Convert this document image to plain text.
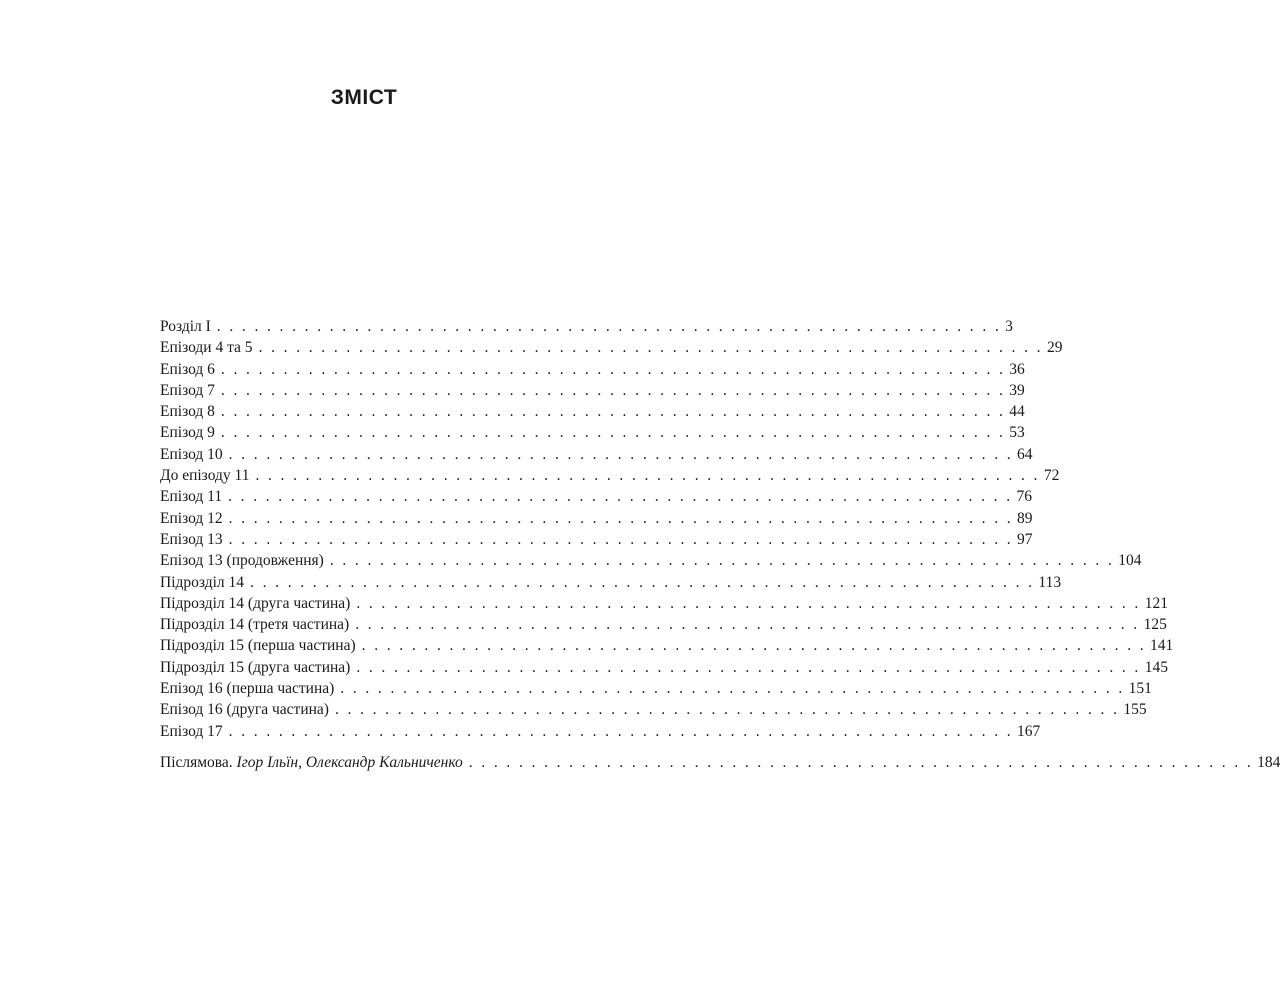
ЗМІСТ
Розділ I . . . . . . . . . . . . . . . . . . . . . . . . . . . . . . . . . . . . . . . . . . . . . . . . . . . . . . . . . . . . . . . 3
Епізоди 4 та 5 . . . . . . . . . . . . . . . . . . . . . . . . . . . . . . . . . . . . . . . . . . . . . . . . . . . . . . . . . . . . . . . 29
Епізод 6 . . . . . . . . . . . . . . . . . . . . . . . . . . . . . . . . . . . . . . . . . . . . . . . . . . . . . . . . . . . . . . . 36
Епізод 7 . . . . . . . . . . . . . . . . . . . . . . . . . . . . . . . . . . . . . . . . . . . . . . . . . . . . . . . . . . . . . . . 39
Епізод 8 . . . . . . . . . . . . . . . . . . . . . . . . . . . . . . . . . . . . . . . . . . . . . . . . . . . . . . . . . . . . . . . 44
Епізод 9 . . . . . . . . . . . . . . . . . . . . . . . . . . . . . . . . . . . . . . . . . . . . . . . . . . . . . . . . . . . . . . . 53
Епізод 10 . . . . . . . . . . . . . . . . . . . . . . . . . . . . . . . . . . . . . . . . . . . . . . . . . . . . . . . . . . . . . . . 64
До епізоду 11 . . . . . . . . . . . . . . . . . . . . . . . . . . . . . . . . . . . . . . . . . . . . . . . . . . . . . . . . . . . . . . . 72
Епізод 11 . . . . . . . . . . . . . . . . . . . . . . . . . . . . . . . . . . . . . . . . . . . . . . . . . . . . . . . . . . . . . . . 76
Епізод 12 . . . . . . . . . . . . . . . . . . . . . . . . . . . . . . . . . . . . . . . . . . . . . . . . . . . . . . . . . . . . . . . 89
Епізод 13 . . . . . . . . . . . . . . . . . . . . . . . . . . . . . . . . . . . . . . . . . . . . . . . . . . . . . . . . . . . . . . . 97
Епізод 13 (продовження) . . . . . . . . . . . . . . . . . . . . . . . . . . . . . . . . . . . . . . . . . . . . . . . . . . . . . . . . . . . . . . . 104
Підрозділ 14 . . . . . . . . . . . . . . . . . . . . . . . . . . . . . . . . . . . . . . . . . . . . . . . . . . . . . . . . . . . . . . . 113
Підрозділ 14 (друга частина) . . . . . . . . . . . . . . . . . . . . . . . . . . . . . . . . . . . . . . . . . . . . . . . . . . . . . . . . . . . . . . . 121
Підрозділ 14 (третя частина) . . . . . . . . . . . . . . . . . . . . . . . . . . . . . . . . . . . . . . . . . . . . . . . . . . . . . . . . . . . . . . . 125
Підрозділ 15 (перша частина) . . . . . . . . . . . . . . . . . . . . . . . . . . . . . . . . . . . . . . . . . . . . . . . . . . . . . . . . . . . . . . . 141
Підрозділ 15 (друга частина) . . . . . . . . . . . . . . . . . . . . . . . . . . . . . . . . . . . . . . . . . . . . . . . . . . . . . . . . . . . . . . . 145
Епізод 16 (перша частина) . . . . . . . . . . . . . . . . . . . . . . . . . . . . . . . . . . . . . . . . . . . . . . . . . . . . . . . . . . . . . . . 151
Епізод 16 (друга частина) . . . . . . . . . . . . . . . . . . . . . . . . . . . . . . . . . . . . . . . . . . . . . . . . . . . . . . . . . . . . . . . 155
Епізод 17 . . . . . . . . . . . . . . . . . . . . . . . . . . . . . . . . . . . . . . . . . . . . . . . . . . . . . . . . . . . . . . . 167
Післямова. Ігор Ільїн, Олександр Кальниченко . . . . . . . . . . . . . . . . . . . . . . . . . . . . . . . . . . . . . . . . . . . . . . . . . . . . . . . . . . . . . . . 184
